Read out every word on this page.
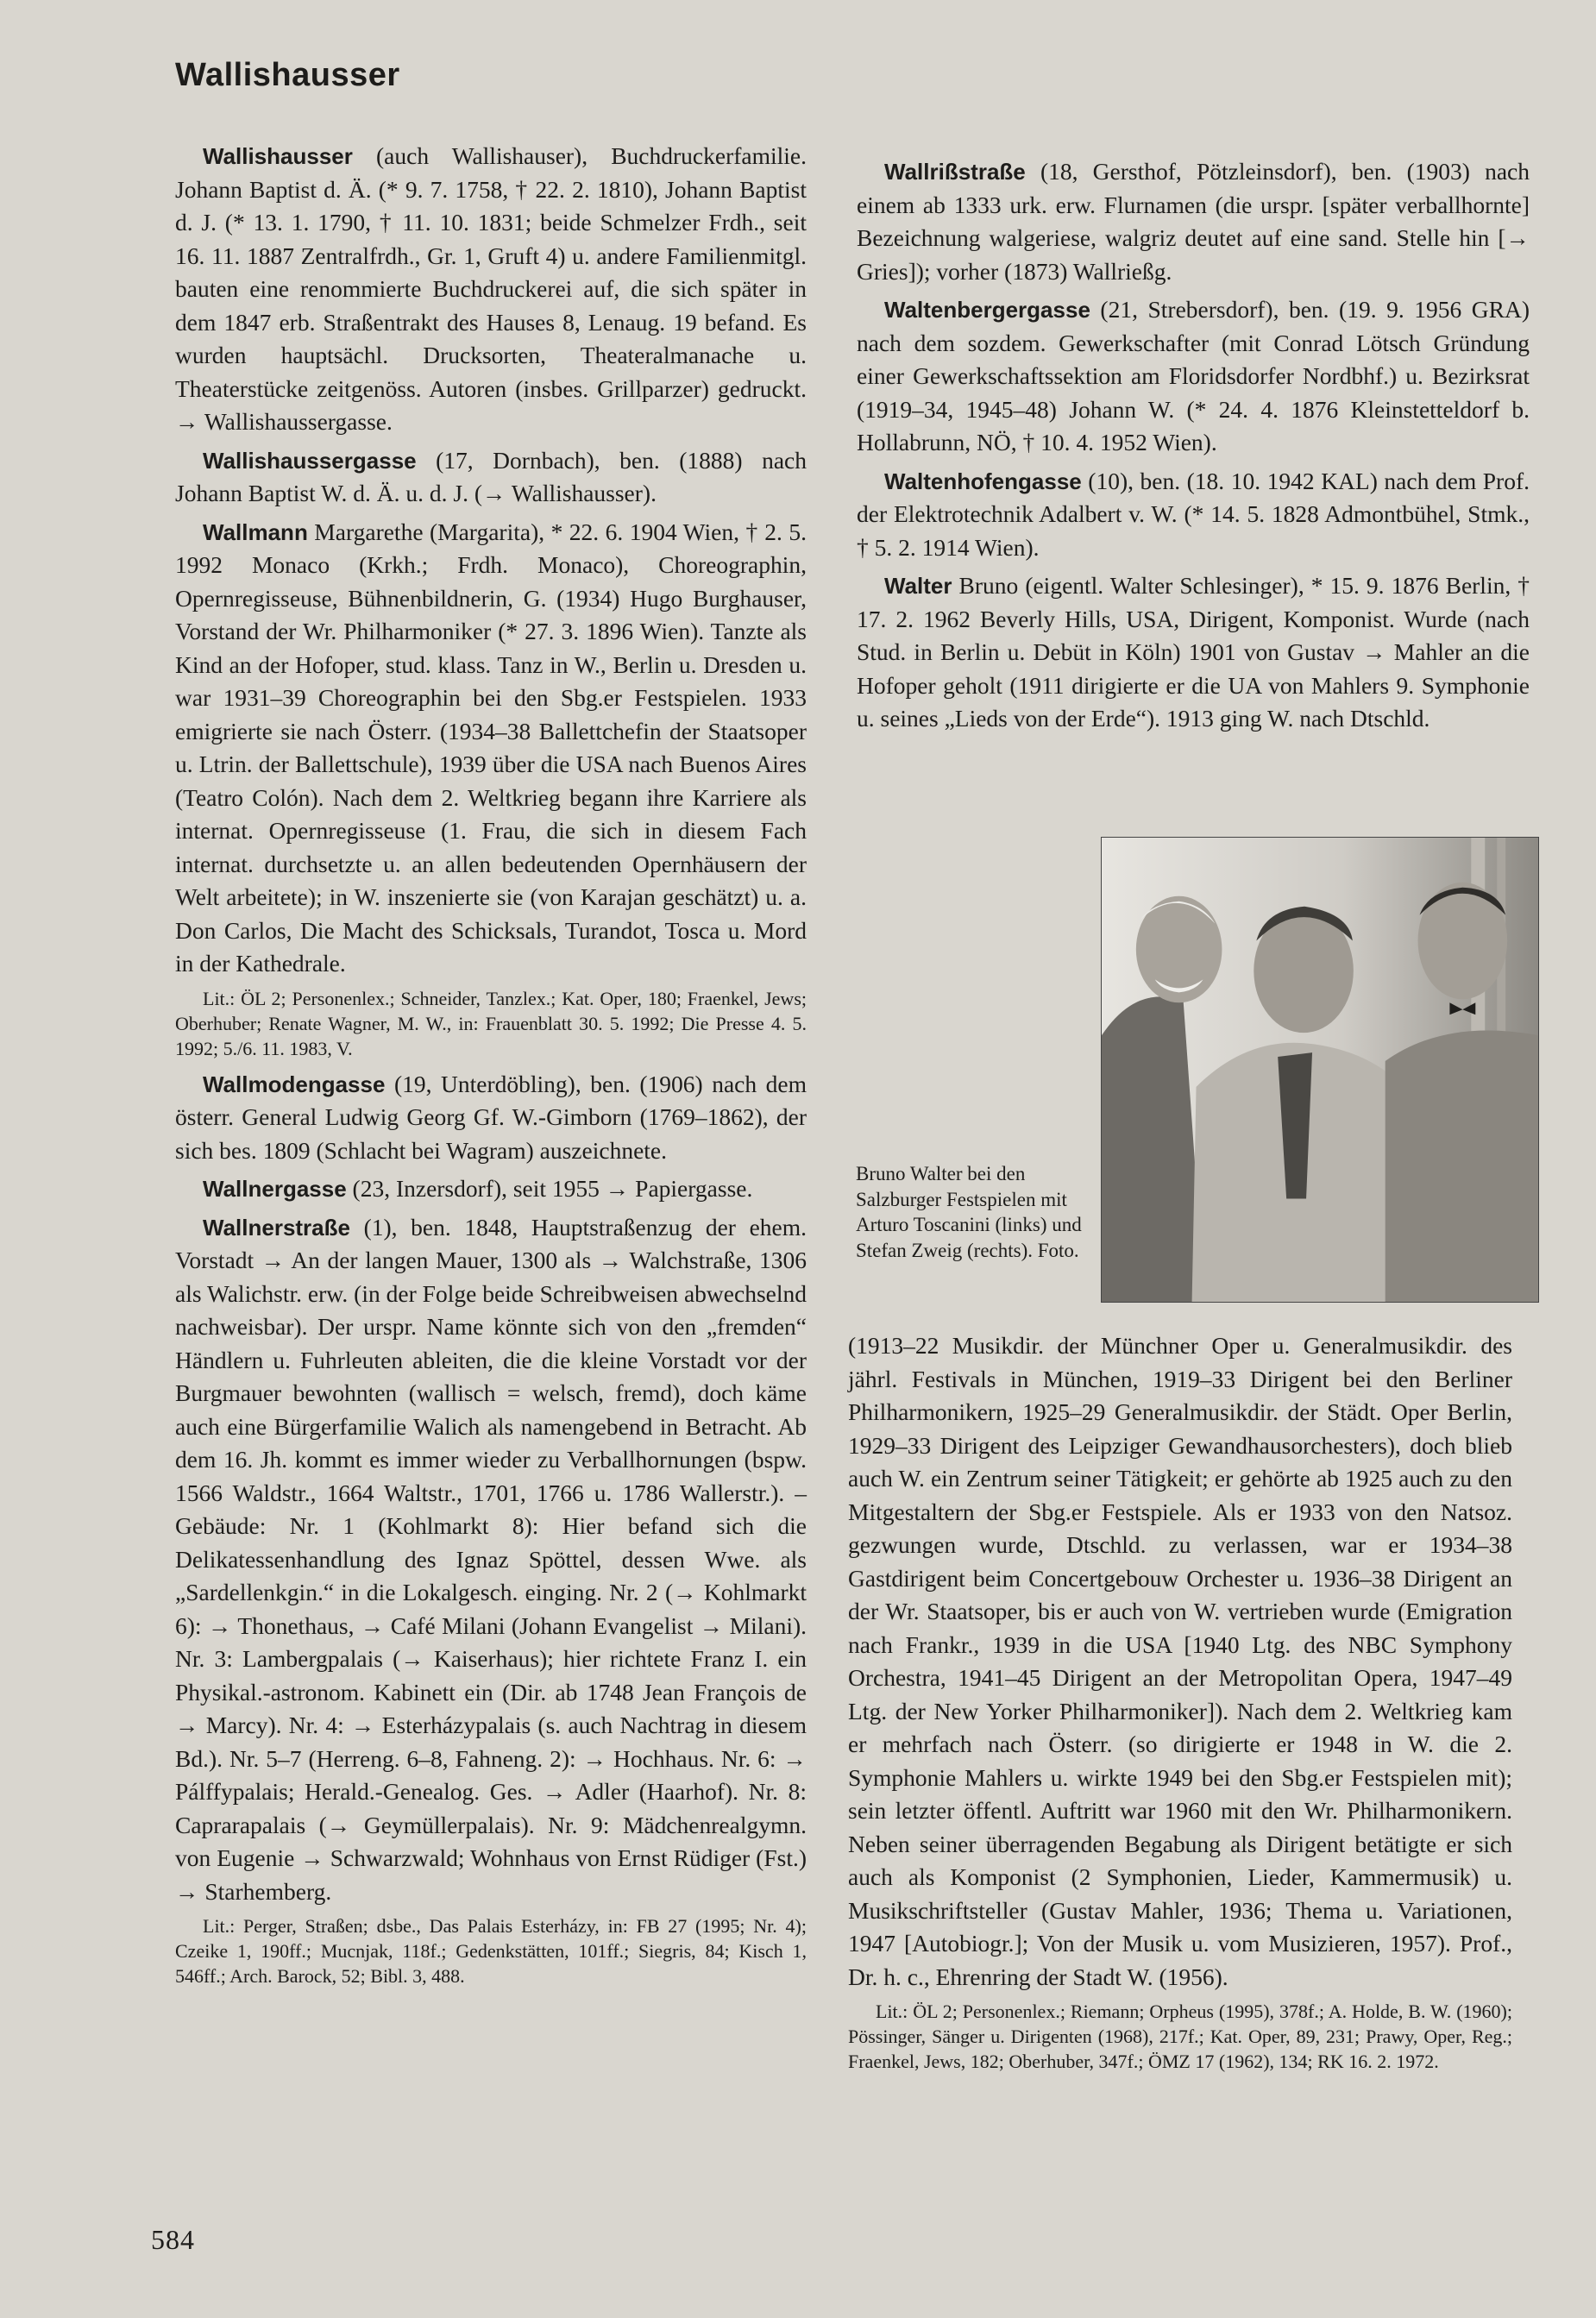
Wallishausser

Wallishausser (auch Wallishauser), Buchdruckerfamilie. Johann Baptist d. Ä. (* 9. 7. 1758, † 22. 2. 1810), Johann Baptist d. J. (* 13. 1. 1790, † 11. 10. 1831; beide Schmelzer Frdh., seit 16. 11. 1887 Zentralfrdh., Gr. 1, Gruft 4) u. andere Familienmitgl. bauten eine renommierte Buchdruckerei auf, die sich später in dem 1847 erb. Straßentrakt des Hauses 8, Lenaug. 19 befand. Es wurden hauptsächl. Drucksorten, Theateralmanache u. Theaterstücke zeitgenöss. Autoren (insbes. Grillparzer) gedruckt. → Wallishaussergasse.

Wallishaussergasse (17, Dornbach), ben. (1888) nach Johann Baptist W. d. Ä. u. d. J. (→ Wallishausser).

Wallmann Margarethe (Margarita), * 22. 6. 1904 Wien, † 2. 5. 1992 Monaco (Krkh.; Frdh. Monaco), Choreographin, Opernregisseuse, Bühnenbildnerin, G. (1934) Hugo Burghauser, Vorstand der Wr. Philharmoniker (* 27. 3. 1896 Wien). Tanzte als Kind an der Hofoper, stud. klass. Tanz in W., Berlin u. Dresden u. war 1931–39 Choreographin bei den Sbg.er Festspielen. 1933 emigrierte sie nach Österr. (1934–38 Ballettchefin der Staatsoper u. Ltrin. der Ballettschule), 1939 über die USA nach Buenos Aires (Teatro Colón). Nach dem 2. Weltkrieg begann ihre Karriere als internat. Opernregisseuse (1. Frau, die sich in diesem Fach internat. durchsetzte u. an allen bedeutenden Opernhäusern der Welt arbeitete); in W. inszenierte sie (von Karajan geschätzt) u. a. Don Carlos, Die Macht des Schicksals, Turandot, Tosca u. Mord in der Kathedrale.

Lit.: ÖL 2; Personenlex.; Schneider, Tanzlex.; Kat. Oper, 180; Fraenkel, Jews; Oberhuber; Renate Wagner, M. W., in: Frauenblatt 30. 5. 1992; Die Presse 4. 5. 1992; 5./6. 11. 1983, V.

Wallmodengasse (19, Unterdöbling), ben. (1906) nach dem österr. General Ludwig Georg Gf. W.-Gimborn (1769–1862), der sich bes. 1809 (Schlacht bei Wagram) auszeichnete.

Wallnergasse (23, Inzersdorf), seit 1955 → Papiergasse.

Wallnerstraße (1), ben. 1848, Hauptstraßenzug der ehem. Vorstadt → An der langen Mauer, 1300 als → Walchstraße, 1306 als Walichstr. erw. (in der Folge beide Schreibweisen abwechselnd nachweisbar). Der urspr. Name könnte sich von den „fremden“ Händlern u. Fuhrleuten ableiten, die die kleine Vorstadt vor der Burgmauer bewohnten (wallisch = welsch, fremd), doch käme auch eine Bürgerfamilie Walich als namengebend in Betracht. Ab dem 16. Jh. kommt es immer wieder zu Verballhornungen (bspw. 1566 Waldstr., 1664 Waltstr., 1701, 1766 u. 1786 Wallerstr.). – Gebäude: Nr. 1 (Kohlmarkt 8): Hier befand sich die Delikatessenhandlung des Ignaz Spöttel, dessen Wwe. als „Sardellenkgin.“ in die Lokalgesch. einging. Nr. 2 (→ Kohlmarkt 6): → Thonethaus, → Café Milani (Johann Evangelist → Milani). Nr. 3: Lambergpalais (→ Kaiserhaus); hier richtete Franz I. ein Physikal.-astronom. Kabinett ein (Dir. ab 1748 Jean François de → Marcy). Nr. 4: → Esterházypalais (s. auch Nachtrag in diesem Bd.). Nr. 5–7 (Herreng. 6–8, Fahneng. 2): → Hochhaus. Nr. 6: → Pálffypalais; Herald.-Genealog. Ges. → Adler (Haarhof). Nr. 8: Caprarapalais (→ Geymüllerpalais). Nr. 9: Mädchenrealgymn. von Eugenie → Schwarzwald; Wohnhaus von Ernst Rüdiger (Fst.) → Starhemberg.

Lit.: Perger, Straßen; dsbe., Das Palais Esterházy, in: FB 27 (1995; Nr. 4); Czeike 1, 190ff.; Mucnjak, 118f.; Gedenkstätten, 101ff.; Siegris, 84; Kisch 1, 546ff.; Arch. Barock, 52; Bibl. 3, 488.

Wallrißstraße (18, Gersthof, Pötzleinsdorf), ben. (1903) nach einem ab 1333 urk. erw. Flurnamen (die urspr. [später verballhornte] Bezeichnung walgeriese, walgriz deutet auf eine sand. Stelle hin [→ Gries]); vorher (1873) Wallrießg.

Waltenbergergasse (21, Strebersdorf), ben. (19. 9. 1956 GRA) nach dem sozdem. Gewerkschafter (mit Conrad Lötsch Gründung einer Gewerkschaftssektion am Floridsdorfer Nordbhf.) u. Bezirksrat (1919–34, 1945–48) Johann W. (* 24. 4. 1876 Kleinstetteldorf b. Hollabrunn, NÖ, † 10. 4. 1952 Wien).

Waltenhofengasse (10), ben. (18. 10. 1942 KAL) nach dem Prof. der Elektrotechnik Adalbert v. W. (* 14. 5. 1828 Admontbühel, Stmk., † 5. 2. 1914 Wien).

Walter Bruno (eigentl. Walter Schlesinger), * 15. 9. 1876 Berlin, † 17. 2. 1962 Beverly Hills, USA, Dirigent, Komponist. Wurde (nach Stud. in Berlin u. Debüt in Köln) 1901 von Gustav → Mahler an die Hofoper geholt (1911 dirigierte er die UA von Mahlers 9. Symphonie u. seines „Lieds von der Erde“). 1913 ging W. nach Dtschld.

Bruno Walter bei den Salzburger Festspielen mit Arturo Toscanini (links) und Stefan Zweig (rechts). Foto.

(1913–22 Musikdir. der Münchner Oper u. Generalmusikdir. des jährl. Festivals in München, 1919–33 Dirigent bei den Berliner Philharmonikern, 1925–29 Generalmusikdir. der Städt. Oper Berlin, 1929–33 Dirigent des Leipziger Gewandhausorchesters), doch blieb auch W. ein Zentrum seiner Tätigkeit; er gehörte ab 1925 auch zu den Mitgestaltern der Sbg.er Festspiele. Als er 1933 von den Natsoz. gezwungen wurde, Dtschld. zu verlassen, war er 1934–38 Gastdirigent beim Concertgebouw Orchester u. 1936–38 Dirigent an der Wr. Staatsoper, bis er auch von W. vertrieben wurde (Emigration nach Frankr., 1939 in die USA [1940 Ltg. des NBC Symphony Orchestra, 1941–45 Dirigent an der Metropolitan Opera, 1947–49 Ltg. der New Yorker Philharmoniker]). Nach dem 2. Weltkrieg kam er mehrfach nach Österr. (so dirigierte er 1948 in W. die 2. Symphonie Mahlers u. wirkte 1949 bei den Sbg.er Festspielen mit); sein letzter öffentl. Auftritt war 1960 mit den Wr. Philharmonikern. Neben seiner überragenden Begabung als Dirigent betätigte er sich auch als Komponist (2 Symphonien, Lieder, Kammermusik) u. Musikschriftsteller (Gustav Mahler, 1936; Thema u. Variationen, 1947 [Autobiogr.]; Von der Musik u. vom Musizieren, 1957). Prof., Dr. h. c., Ehrenring der Stadt W. (1956).

Lit.: ÖL 2; Personenlex.; Riemann; Orpheus (1995), 378f.; A. Holde, B. W. (1960); Pössinger, Sänger u. Dirigenten (1968), 217f.; Kat. Oper, 89, 231; Prawy, Oper, Reg.; Fraenkel, Jews, 182; Oberhuber, 347f.; ÖMZ 17 (1962), 134; RK 16. 2. 1972.

584
